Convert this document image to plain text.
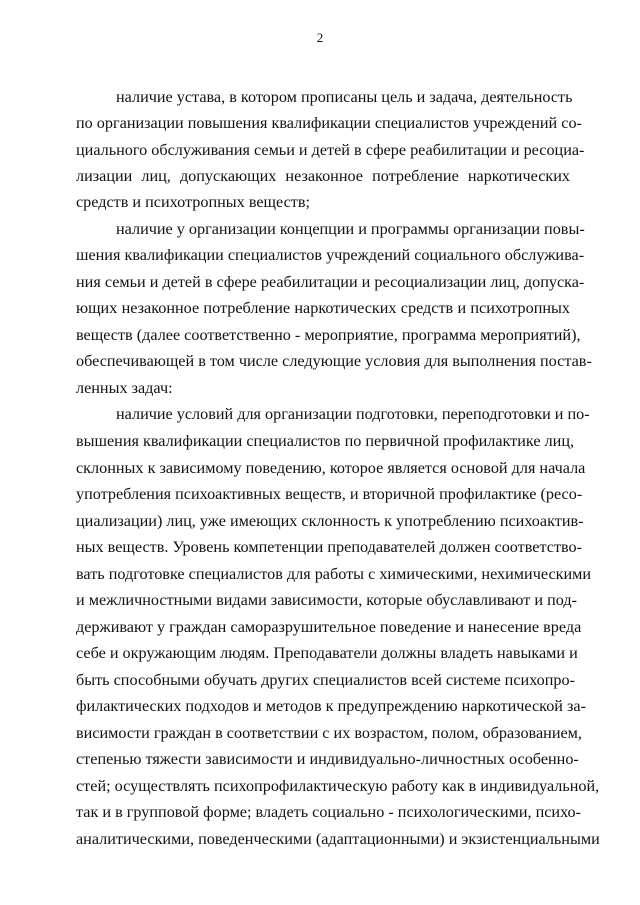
2
наличие устава, в котором прописаны цель и задача, деятельность
по организации повышения квалификации специалистов учреждений со-
циального обслуживания семьи и детей в сфере реабилитации и ресоциа-
лизации лиц, допускающих незаконное потребление наркотических
средств и психотропных веществ;
наличие у организации концепции и программы организации повы-
шения квалификации специалистов учреждений социального обслужива-
ния семьи и детей в сфере реабилитации и ресоциализации лиц, допуска-
ющих незаконное потребление наркотических средств и психотропных
веществ (далее соответственно - мероприятие, программа мероприятий),
обеспечивающей в том числе следующие условия для выполнения постав-
ленных задач:
наличие условий для организации подготовки, переподготовки и по-
вышения квалификации специалистов по первичной профилактике лиц,
склонных к зависимому поведению, которое является основой для начала
употребления психоактивных веществ, и вторичной профилактике (ресо-
циализации) лиц, уже имеющих склонность к употреблению психоактив-
ных веществ. Уровень компетенции преподавателей должен соответство-
вать подготовке специалистов для работы с химическими, нехимическими
и межличностными видами зависимости, которые обуславливают и под-
держивают у граждан саморазрушительное поведение и нанесение вреда
себе и окружающим людям. Преподаватели должны владеть навыками и
быть способными обучать других специалистов всей системе психопро-
филактических подходов и методов к предупреждению наркотической за-
висимости граждан в соответствии с их возрастом, полом, образованием,
степенью тяжести зависимости и индивидуально-личностных особенно-
стей; осуществлять психопрофилактическую работу как в индивидуальной,
так и в групповой форме; владеть социально - психологическими, психо-
аналитическими, поведенческими (адаптационными) и экзистенциальными
